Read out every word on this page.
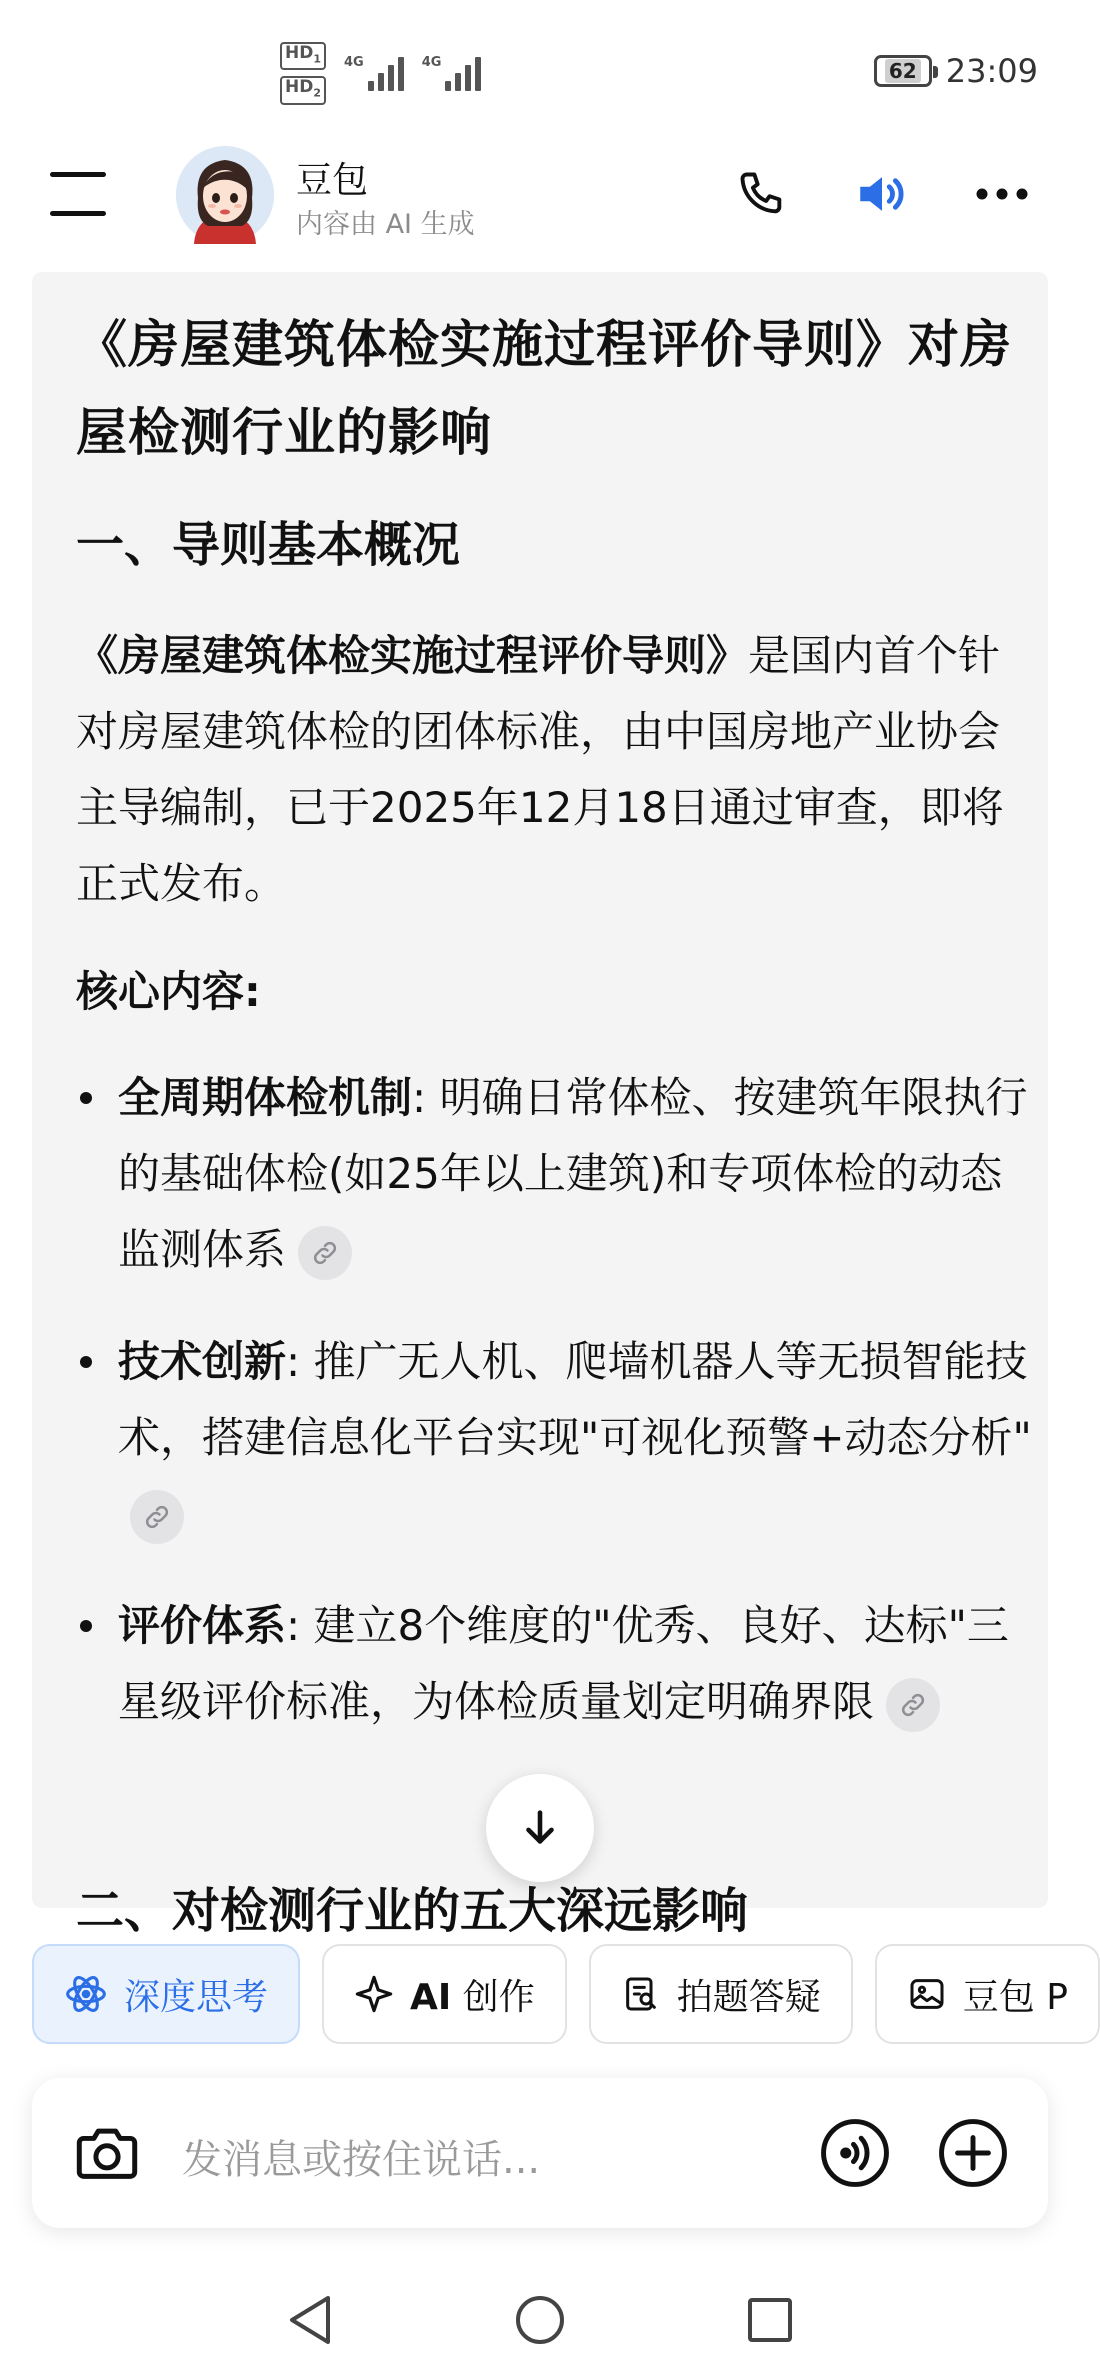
$HD_1$
$HD_2$
4G	4G	62 23:09
豆包
内容由 AI 生成
《房屋建筑体检实施过程评价导则》对房屋检测行业的影响
一、导则基本概况

《房屋建筑体检实施过程评价导则》是国内首个针对房屋建筑体检的团体标准，由中国房地产业协会主导编制，已于2025年12月18日通过审查，即将正式发布。

核心内容:
全周期体检机制: 明确日常体检、按建筑年限执行的基础体检(如25年以上建筑)和专项体检的动态监测体系
技术创新: 推广无人机、爬墙机器人等无损智能技术，搭建信息化平台实现"可视化预警+动态分析"
评价体系: 建立8个维度的"优秀、良好、达标"三星级评价标准，为体检质量划定明确界限
二、对检测行业的五大深远影响
深度思考	AI 创作	拍题答疑	豆包 P
发消息或按住说话...
